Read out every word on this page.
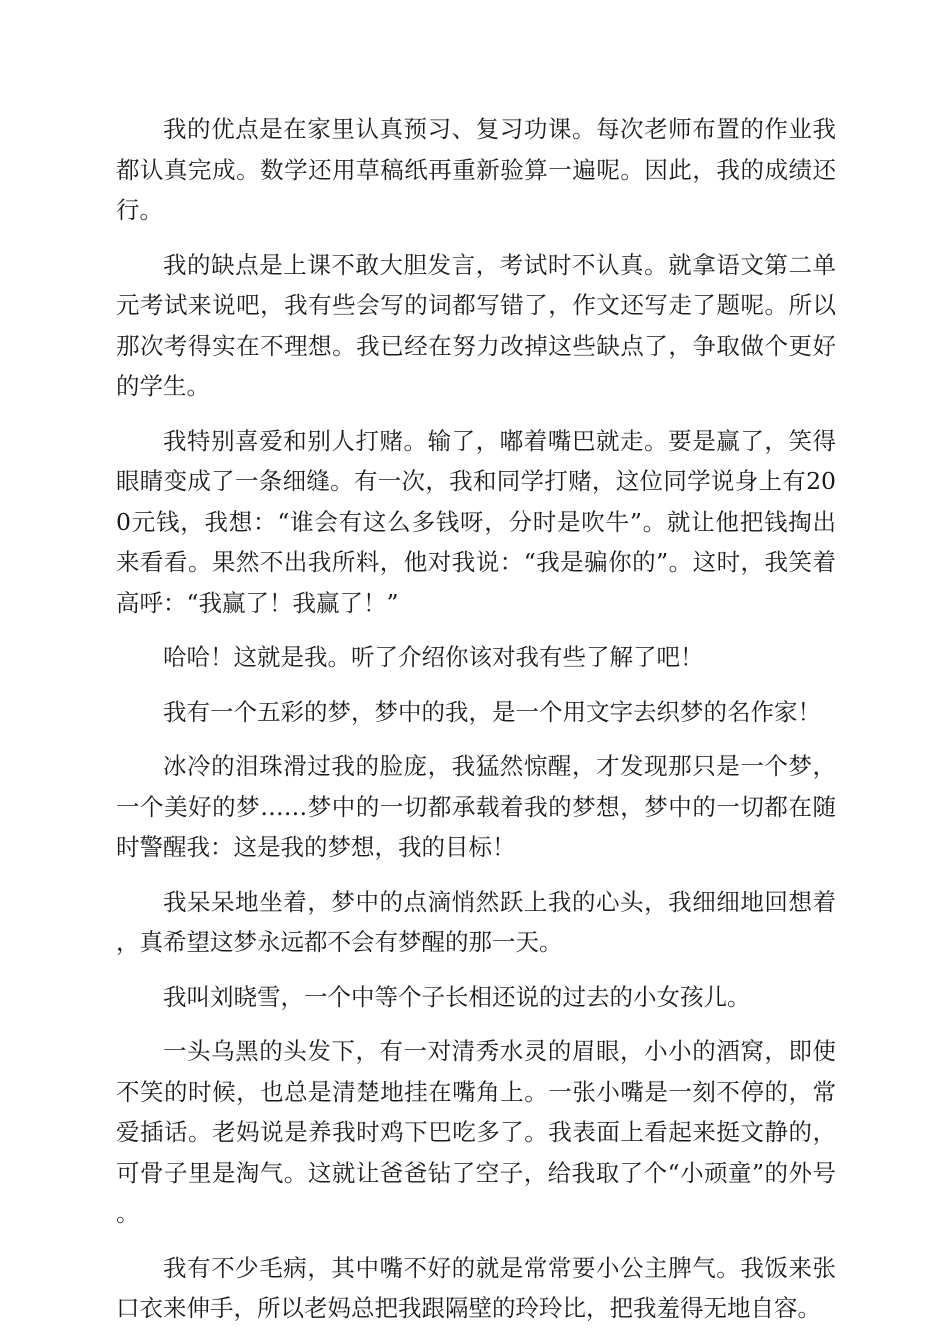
我的优点是在家里认真预习、复习功课。每次老师布置的作业我都认真完成。数学还用草稿纸再重新验算一遍呢。因此，我的成绩还行。

我的缺点是上课不敢大胆发言，考试时不认真。就拿语文第二单元考试来说吧，我有些会写的词都写错了，作文还写走了题呢。所以那次考得实在不理想。我已经在努力改掉这些缺点了，争取做个更好的学生。

我特别喜爱和别人打赌。输了，嘟着嘴巴就走。要是赢了，笑得眼睛变成了一条细缝。有一次，我和同学打赌，这位同学说身上有200元钱，我想：“谁会有这么多钱呀，分时是吹牛”。就让他把钱掏出来看看。果然不出我所料，他对我说：“我是骗你的”。这时，我笑着高呼：“我赢了！我赢了！”

哈哈！这就是我。听了介绍你该对我有些了解了吧！

我有一个五彩的梦，梦中的我，是一个用文字去织梦的名作家！

冰冷的泪珠滑过我的脸庞，我猛然惊醒，才发现那只是一个梦，一个美好的梦……梦中的一切都承载着我的梦想，梦中的一切都在随时警醒我：这是我的梦想，我的目标！

我呆呆地坐着，梦中的点滴悄然跃上我的心头，我细细地回想着，真希望这梦永远都不会有梦醒的那一天。

我叫刘晓雪，一个中等个子长相还说的过去的小女孩儿。

一头乌黑的头发下，有一对清秀水灵的眉眼，小小的酒窝，即使不笑的时候，也总是清楚地挂在嘴角上。一张小嘴是一刻不停的，常爱插话。老妈说是养我时鸡下巴吃多了。我表面上看起来挺文静的，可骨子里是淘气。这就让爸爸钻了空子，给我取了个“小顽童”的外号。

我有不少毛病，其中嘴不好的就是常常要小公主脾气。我饭来张口衣来伸手，所以老妈总把我跟隔壁的玲玲比，把我羞得无地自容。
